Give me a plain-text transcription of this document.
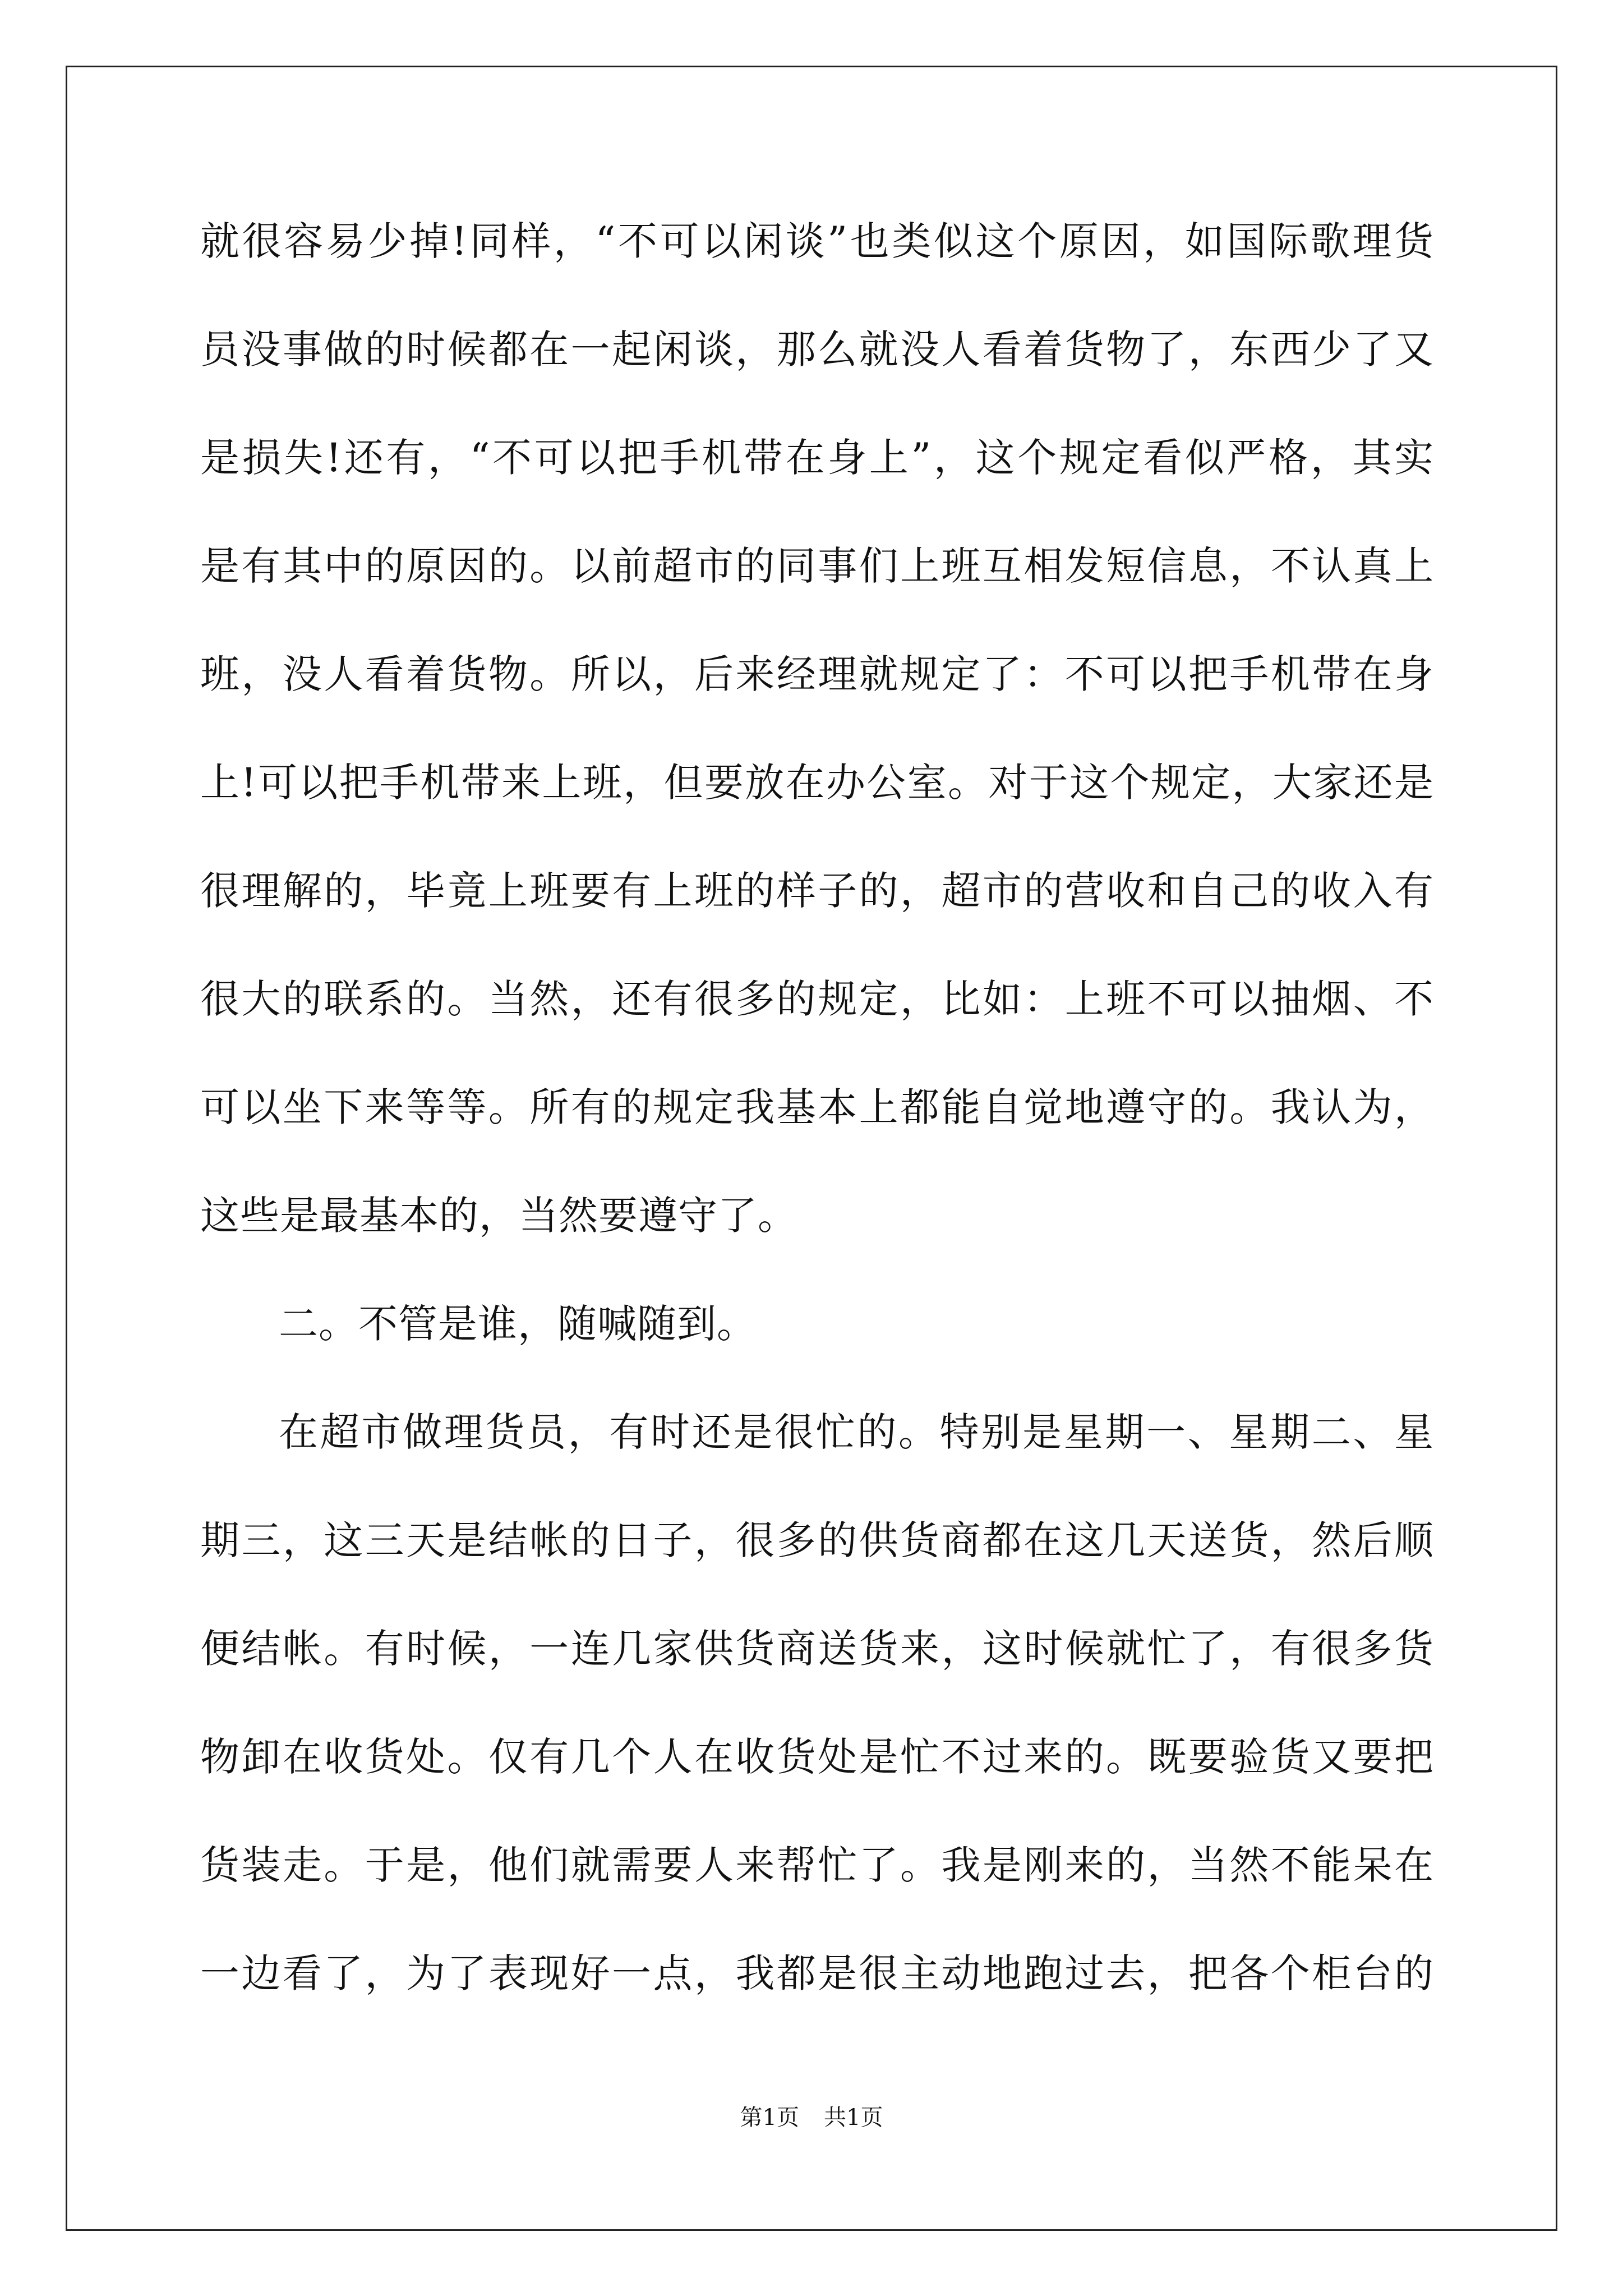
就很容易少掉!同样，“不可以闲谈”也类似这个原因，如国际歌理货
员没事做的时候都在一起闲谈，那么就没人看着货物了，东西少了又
是损失!还有，“不可以把手机带在身上”，这个规定看似严格，其实
是有其中的原因的。以前超市的同事们上班互相发短信息，不认真上
班，没人看着货物。所以，后来经理就规定了：不可以把手机带在身
上!可以把手机带来上班，但要放在办公室。对于这个规定，大家还是
很理解的，毕竟上班要有上班的样子的，超市的营收和自己的收入有
很大的联系的。当然，还有很多的规定，比如：上班不可以抽烟、不
可以坐下来等等。所有的规定我基本上都能自觉地遵守的。我认为，
这些是最基本的，当然要遵守了。
二。不管是谁，随喊随到。
在超市做理货员，有时还是很忙的。特别是星期一、星期二、星
期三，这三天是结帐的日子，很多的供货商都在这几天送货，然后顺
便结帐。有时候，一连几家供货商送货来，这时候就忙了，有很多货
物卸在收货处。仅有几个人在收货处是忙不过来的。既要验货又要把
货装走。于是，他们就需要人来帮忙了。我是刚来的，当然不能呆在
一边看了，为了表现好一点，我都是很主动地跑过去，把各个柜台的
第1页 共1页
